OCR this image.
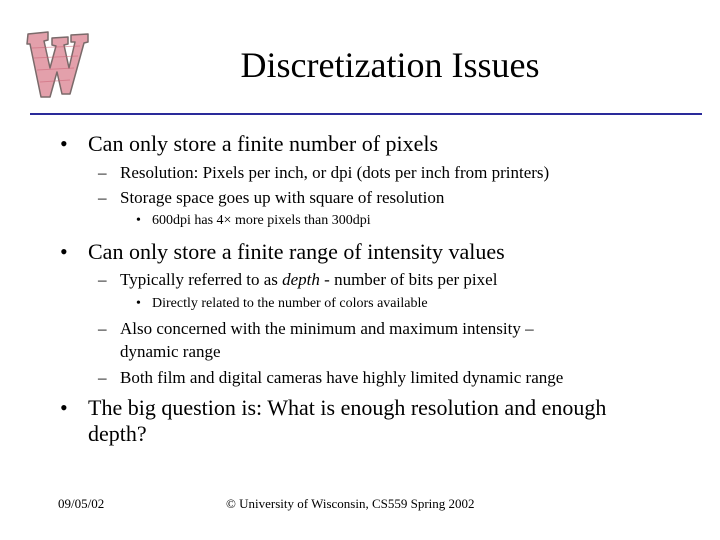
Discretization Issues
• Can only store a finite number of pixels
– Resolution: Pixels per inch, or dpi (dots per inch from printers)
– Storage space goes up with square of resolution
• 600dpi has 4× more pixels than 300dpi
• Can only store a finite range of intensity values
– Typically referred to as depth - number of bits per pixel
• Directly related to the number of colors available
– Also concerned with the minimum and maximum intensity –
dynamic range
– Both film and digital cameras have highly limited dynamic range
• The big question is: What is enough resolution and enough
depth?
09/05/02	© University of Wisconsin, CS559 Spring 2002
